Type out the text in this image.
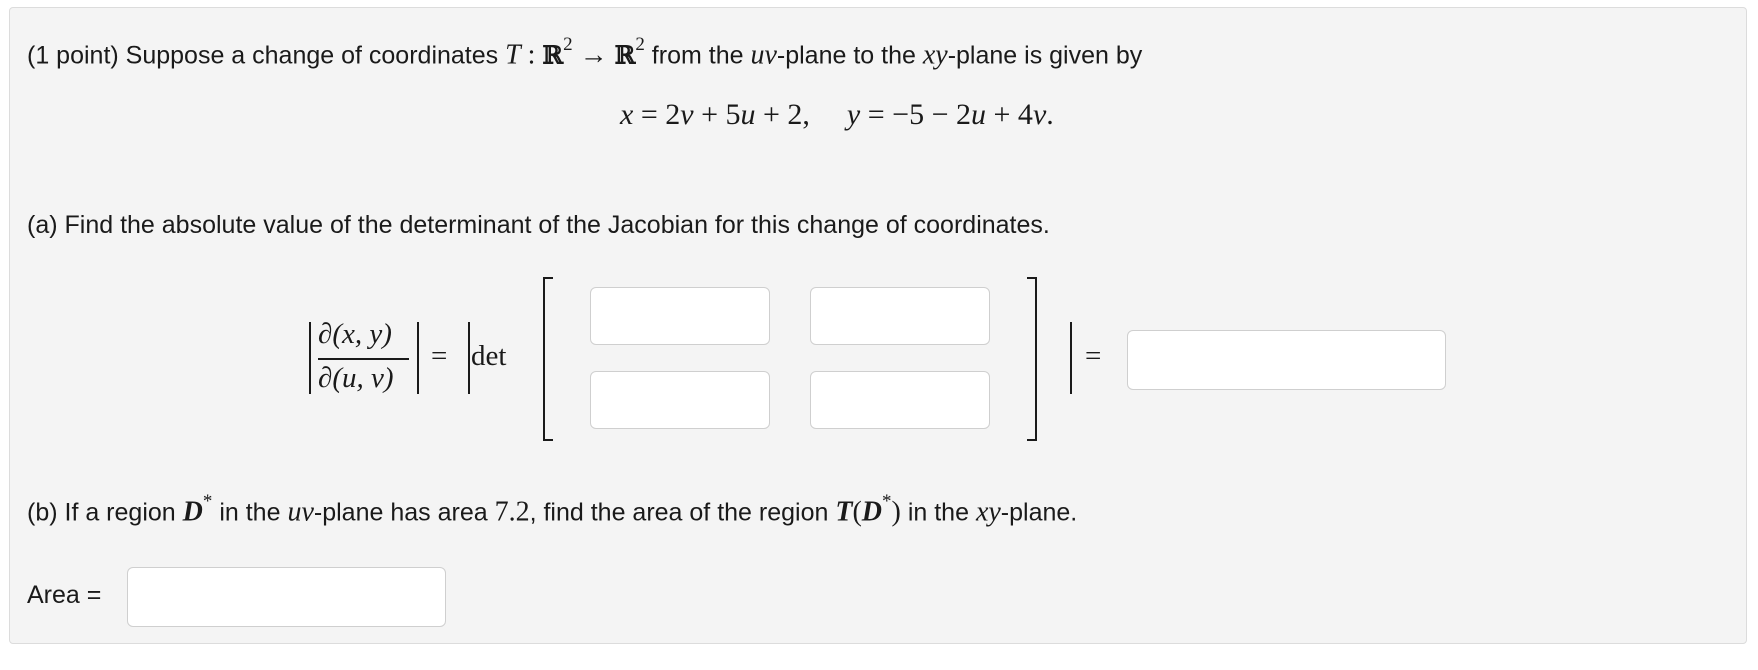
(1 point) Suppose a change of coordinates T : ℝ$^2$ → ℝ$^2$ from the uv-plane to the xy-plane is given by
x = 2v + 5u + 2, y = −5 − 2u + 4v.
(a) Find the absolute value of the determinant of the Jacobian for this change of coordinates.
∂(x, y)
∂(u, v)
= det	=
(b) If a region D* in the uv-plane has area 7.2, find the area of the region T(D*) in the xy-plane.
Area =
